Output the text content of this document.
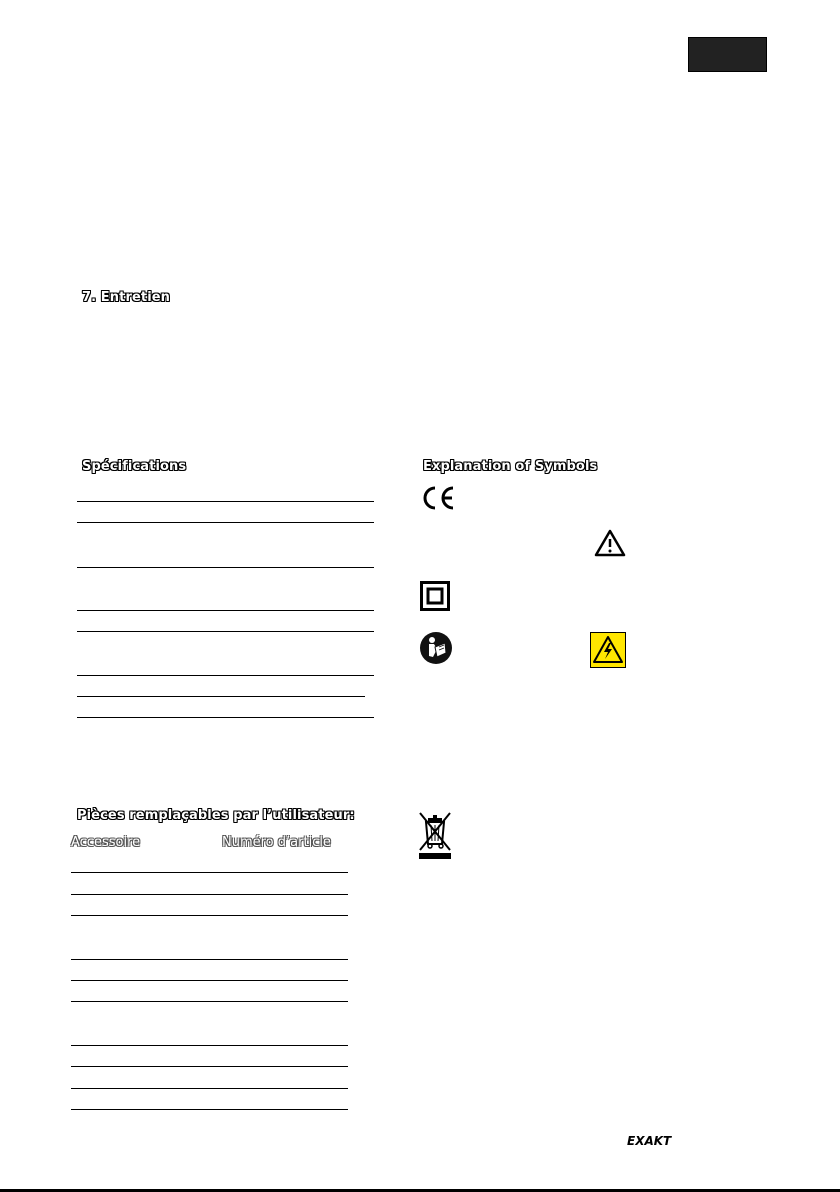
7. Entretien
Spécifications	Explanation of Symbols
Pièces remplaçables par l’utilisateur:
Accessoire	Numéro d’article
EXAKT
